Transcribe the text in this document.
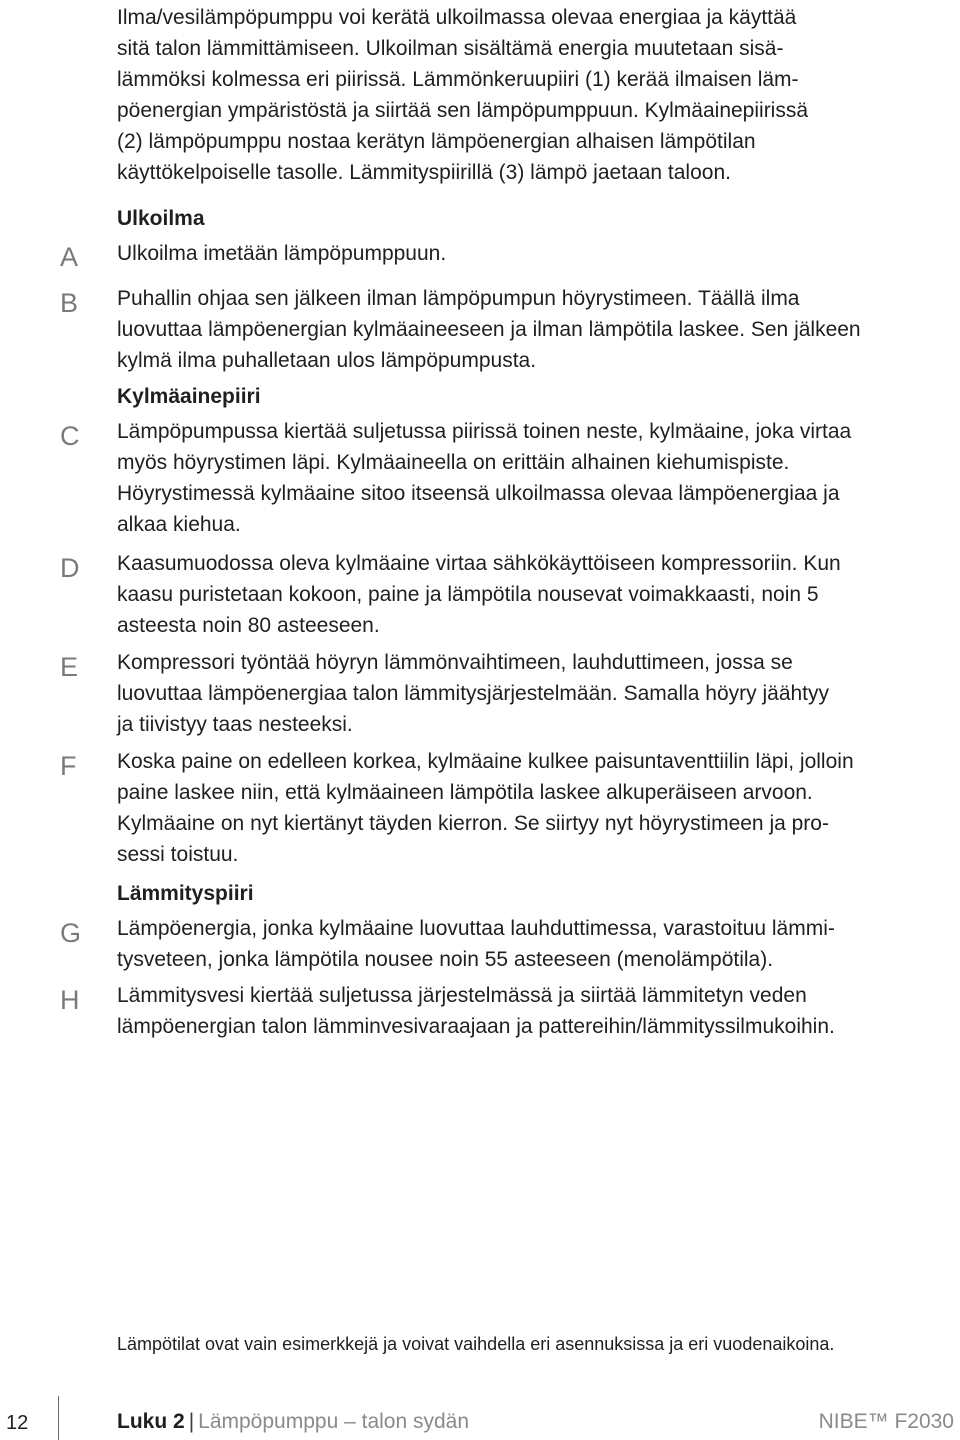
Ilma/vesilämpöpumppu voi kerätä ulkoilmassa olevaa energiaa ja käyttää
sitä talon lämmittämiseen. Ulkoilman sisältämä energia muutetaan sisä-
lämmöksi kolmessa eri piirissä. Lämmönkeruupiiri (1) kerää ilmaisen läm-
pöenergian ympäristöstä ja siirtää sen lämpöpumppuun. Kylmäainepiirissä
(2) lämpöpumppu nostaa kerätyn lämpöenergian alhaisen lämpötilan
käyttökelpoiselle tasolle. Lämmityspiirillä (3) lämpö jaetaan taloon.
Ulkoilma
A	Ulkoilma imetään lämpöpumppuun.
B	Puhallin ohjaa sen jälkeen ilman lämpöpumpun höyrystimeen. Täällä ilma
luovuttaa lämpöenergian kylmäaineeseen ja ilman lämpötila laskee. Sen jälkeen
kylmä ilma puhalletaan ulos lämpöpumpusta.
Kylmäainepiiri
C	Lämpöpumpussa kiertää suljetussa piirissä toinen neste, kylmäaine, joka virtaa
myös höyrystimen läpi. Kylmäaineella on erittäin alhainen kiehumispiste.
Höyrystimessä kylmäaine sitoo itseensä ulkoilmassa olevaa lämpöenergiaa ja
alkaa kiehua.
D	Kaasumuodossa oleva kylmäaine virtaa sähkökäyttöiseen kompressoriin. Kun
kaasu puristetaan kokoon, paine ja lämpötila nousevat voimakkaasti, noin 5
asteesta noin 80 asteeseen.
E	Kompressori työntää höyryn lämmönvaihtimeen, lauhduttimeen, jossa se
luovuttaa lämpöenergiaa talon lämmitysjärjestelmään. Samalla höyry jäähtyy
ja tiivistyy taas nesteeksi.
F	Koska paine on edelleen korkea, kylmäaine kulkee paisuntaventtiilin läpi, jolloin
paine laskee niin, että kylmäaineen lämpötila laskee alkuperäiseen arvoon.
Kylmäaine on nyt kiertänyt täyden kierron. Se siirtyy nyt höyrystimeen ja pro-
sessi toistuu.
Lämmityspiiri
G	Lämpöenergia, jonka kylmäaine luovuttaa lauhduttimessa, varastoituu lämmi-
tysveteen, jonka lämpötila nousee noin 55 asteeseen (menolämpötila).
H	Lämmitysvesi kiertää suljetussa järjestelmässä ja siirtää lämmitetyn veden
lämpöenergian talon lämminvesivaraajaan ja pattereihin/lämmityssilmukoihin.

Lämpötilat ovat vain esimerkkejä ja voivat vaihdella eri asennuksissa ja eri vuodenaikoina.

12	Luku 2 | Lämpöpumppu – talon sydän	NIBE™ F2030
